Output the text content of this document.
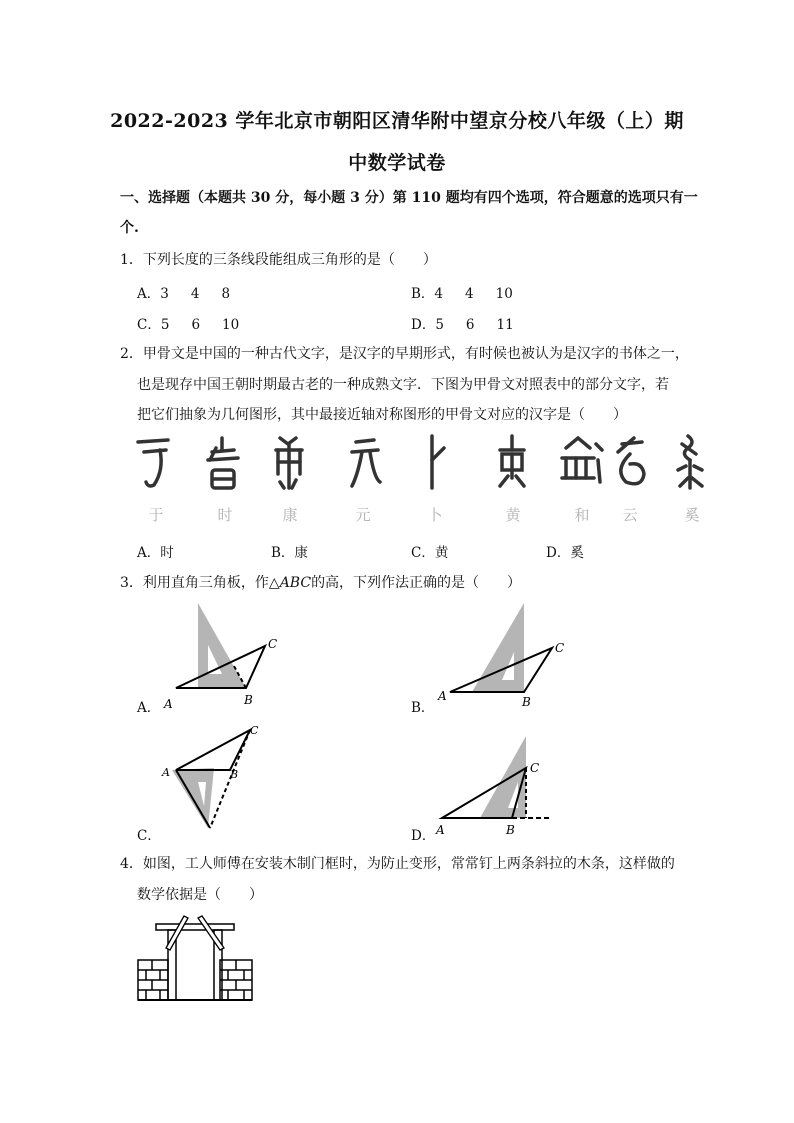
2022-2023 学年北京市朝阳区清华附中望京分校八年级（上）期
中数学试卷
一、选择题（本题共 30 分，每小题 3 分）第 110 题均有四个选项，符合题意的选项只有一
个.
1．下列长度的三条线段能组成三角形的是（　　）
A．3 4 8	B．4 4 10
C．5 6 10	D．5 6 11
2．甲骨文是中国的一种古代文字，是汉字的早期形式，有时候也被认为是汉字的书体之一，
也是现存中国王朝时期最古老的一种成熟文字．下图为甲骨文对照表中的部分文字，若
把它们抽象为几何图形，其中最接近轴对称图形的甲骨文对应的汉字是（　　）
于	时	康	元	卜	黄	和 云	奚
A．时	B．康	C．黄	D．奚
3．利用直角三角板，作△ABC的高，下列作法正确的是（　　）
A	B
C
A．
A	B
C
B．
A	B
C
C．	A	B
C
D．
4．如图，工人师傅在安装木制门框时，为防止变形，常常钉上两条斜拉的木条，这样做的
数学依据是（　　）
